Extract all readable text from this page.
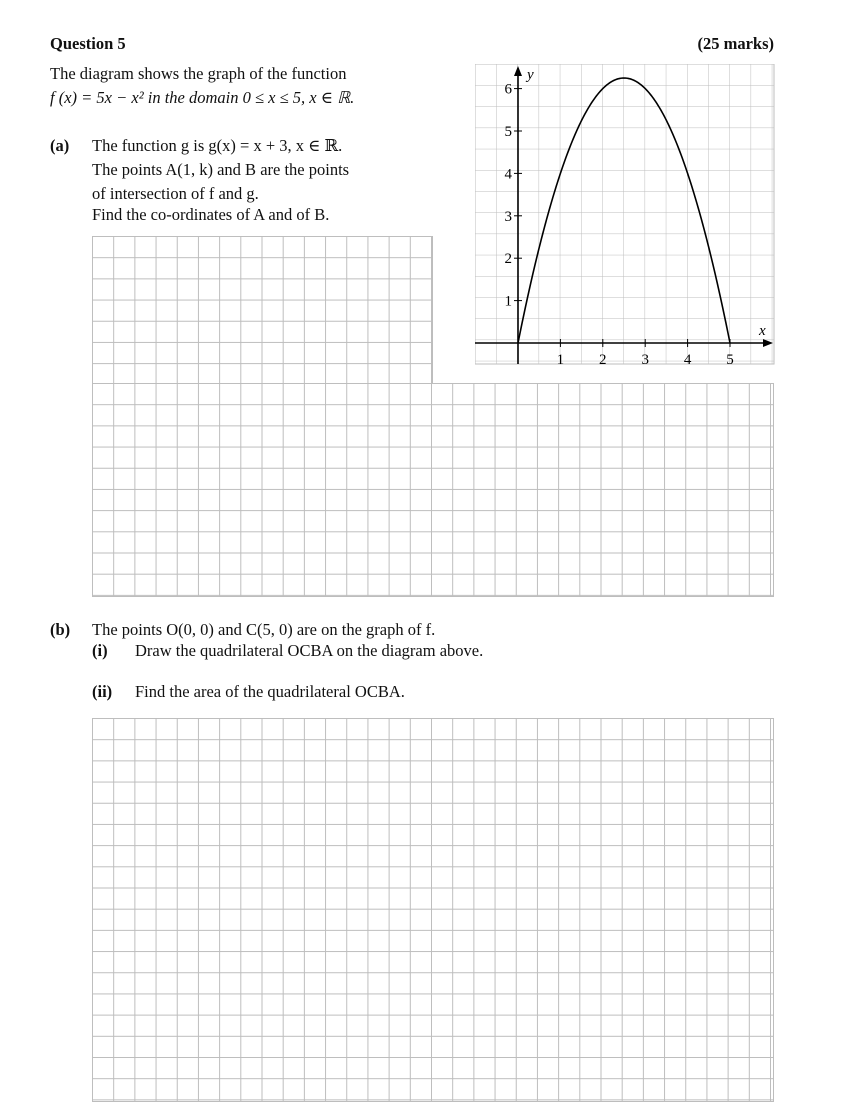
Question 5	(25 marks)
The diagram shows the graph of the function
f (x) = 5x − x² in the domain 0 ≤ x ≤ 5, x ∈ ℝ.
(a) The function g is g(x) = x + 3, x ∈ ℝ.
The points A(1, k) and B are the points
of intersection of f and g.
Find the co-ordinates of A and of B.
x
y
1 2 3 4 5
1
2
3
4
5
6
(b) The points O(0, 0) and C(5, 0) are on the graph of f.
(i) Draw the quadrilateral OCBA on the diagram above.
(ii) Find the area of the quadrilateral OCBA.
